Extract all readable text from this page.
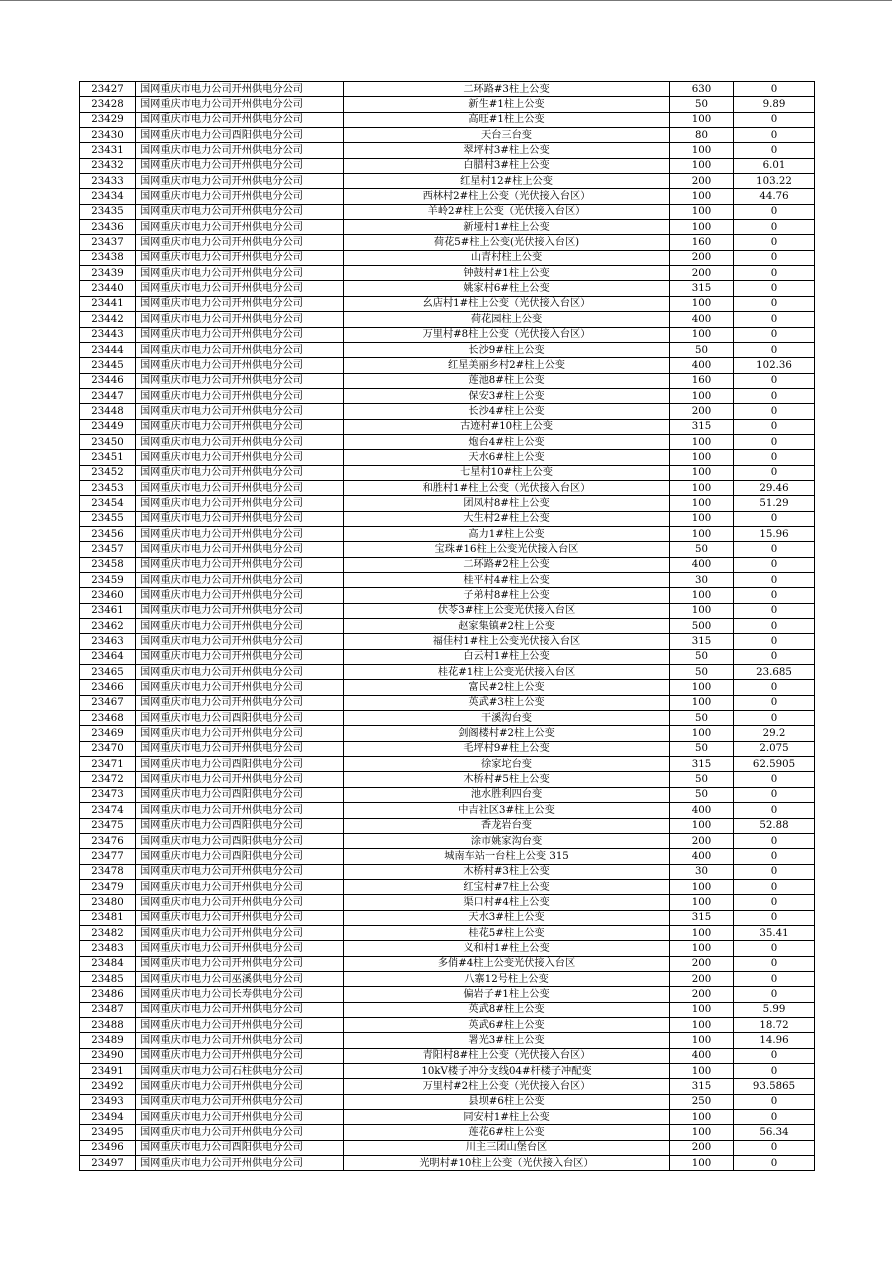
23427	国网重庆市电力公司开州供电分公司	二环路#3柱上公变	630	0
23428	国网重庆市电力公司开州供电分公司	新生#1柱上公变	50	9.89
23429	国网重庆市电力公司开州供电分公司	高旺#1柱上公变	100	0
23430	国网重庆市电力公司酉阳供电分公司	天台三台变	80	0
23431	国网重庆市电力公司开州供电分公司	翠坪村3#柱上公变	100	0
23432	国网重庆市电力公司开州供电分公司	白腊村3#柱上公变	100	6.01
23433	国网重庆市电力公司开州供电分公司	红星村12#柱上公变	200	103.22
23434	国网重庆市电力公司开州供电分公司	西林村2#柱上公变（光伏接入台区）	100	44.76
23435	国网重庆市电力公司开州供电分公司	羊岭2#柱上公变（光伏接入台区）	100	0
23436	国网重庆市电力公司开州供电分公司	新垭村1#柱上公变	100	0
23437	国网重庆市电力公司开州供电分公司	荷花5#柱上公变(光伏接入台区)	160	0
23438	国网重庆市电力公司开州供电分公司	山青村柱上公变	200	0
23439	国网重庆市电力公司开州供电分公司	钟鼓村#1柱上公变	200	0
23440	国网重庆市电力公司开州供电分公司	姚家村6#柱上公变	315	0
23441	国网重庆市电力公司开州供电分公司	幺店村1#柱上公变（光伏接入台区）	100	0
23442	国网重庆市电力公司开州供电分公司	荷花园柱上公变	400	0
23443	国网重庆市电力公司开州供电分公司	万里村#8柱上公变（光伏接入台区）	100	0
23444	国网重庆市电力公司开州供电分公司	长沙9#柱上公变	50	0
23445	国网重庆市电力公司开州供电分公司	红星美丽乡村2#柱上公变	400	102.36
23446	国网重庆市电力公司开州供电分公司	莲池8#柱上公变	160	0
23447	国网重庆市电力公司开州供电分公司	保安3#柱上公变	100	0
23448	国网重庆市电力公司开州供电分公司	长沙4#柱上公变	200	0
23449	国网重庆市电力公司开州供电分公司	古迹村#10柱上公变	315	0
23450	国网重庆市电力公司开州供电分公司	炮台4#柱上公变	100	0
23451	国网重庆市电力公司开州供电分公司	天水6#柱上公变	100	0
23452	国网重庆市电力公司开州供电分公司	七星村10#柱上公变	100	0
23453	国网重庆市电力公司开州供电分公司	和胜村1#柱上公变（光伏接入台区）	100	29.46
23454	国网重庆市电力公司开州供电分公司	团凤村8#柱上公变	100	51.29
23455	国网重庆市电力公司开州供电分公司	大生村2#柱上公变	100	0
23456	国网重庆市电力公司开州供电分公司	高力1#柱上公变	100	15.96
23457	国网重庆市电力公司开州供电分公司	宝珠#16柱上公变光伏接入台区	50	0
23458	国网重庆市电力公司开州供电分公司	二环路#2柱上公变	400	0
23459	国网重庆市电力公司开州供电分公司	桂平村4#柱上公变	30	0
23460	国网重庆市电力公司开州供电分公司	子弟村8#柱上公变	100	0
23461	国网重庆市电力公司开州供电分公司	伏苓3#柱上公变光伏接入台区	100	0
23462	国网重庆市电力公司开州供电分公司	赵家集镇#2柱上公变	500	0
23463	国网重庆市电力公司开州供电分公司	福佳村1#柱上公变光伏接入台区	315	0
23464	国网重庆市电力公司开州供电分公司	白云村1#柱上公变	50	0
23465	国网重庆市电力公司开州供电分公司	桂花#1柱上公变光伏接入台区	50	23.685
23466	国网重庆市电力公司开州供电分公司	富民#2柱上公变	100	0
23467	国网重庆市电力公司开州供电分公司	英武#3柱上公变	100	0
23468	国网重庆市电力公司酉阳供电分公司	干溪沟台变	50	0
23469	国网重庆市电力公司开州供电分公司	剑阁楼村#2柱上公变	100	29.2
23470	国网重庆市电力公司开州供电分公司	毛坪村9#柱上公变	50	2.075
23471	国网重庆市电力公司酉阳供电分公司	徐家坨台变	315	62.5905
23472	国网重庆市电力公司开州供电分公司	木桥村#5柱上公变	50	0
23473	国网重庆市电力公司酉阳供电分公司	池水胜利四台变	50	0
23474	国网重庆市电力公司开州供电分公司	中吉社区3#柱上公变	400	0
23475	国网重庆市电力公司酉阳供电分公司	香龙岩台变	100	52.88
23476	国网重庆市电力公司酉阳供电分公司	涂市姚家沟台变	200	0
23477	国网重庆市电力公司酉阳供电分公司	城南车站一台柱上公变 315	400	0
23478	国网重庆市电力公司开州供电分公司	木桥村#3柱上公变	30	0
23479	国网重庆市电力公司开州供电分公司	红宝村#7柱上公变	100	0
23480	国网重庆市电力公司开州供电分公司	渠口村#4柱上公变	100	0
23481	国网重庆市电力公司开州供电分公司	天水3#柱上公变	315	0
23482	国网重庆市电力公司开州供电分公司	桂花5#柱上公变	100	35.41
23483	国网重庆市电力公司开州供电分公司	义和村1#柱上公变	100	0
23484	国网重庆市电力公司开州供电分公司	多俏#4柱上公变光伏接入台区	200	0
23485	国网重庆市电力公司巫溪供电分公司	八寨12号柱上公变	200	0
23486	国网重庆市电力公司长寿供电分公司	偏岩子#1柱上公变	200	0
23487	国网重庆市电力公司开州供电分公司	英武8#柱上公变	100	5.99
23488	国网重庆市电力公司开州供电分公司	英武6#柱上公变	100	18.72
23489	国网重庆市电力公司开州供电分公司	署光3#柱上公变	100	14.96
23490	国网重庆市电力公司开州供电分公司	青阳村8#柱上公变（光伏接入台区）	400	0
23491	国网重庆市电力公司石柱供电分公司	10kV楼子冲分支线04#杆楼子冲配变	100	0
23492	国网重庆市电力公司开州供电分公司	万里村#2柱上公变（光伏接入台区）	315	93.5865
23493	国网重庆市电力公司开州供电分公司	县坝#6柱上公变	250	0
23494	国网重庆市电力公司开州供电分公司	同安村1#柱上公变	100	0
23495	国网重庆市电力公司开州供电分公司	莲花6#柱上公变	100	56.34
23496	国网重庆市电力公司酉阳供电分公司	川主三团山堡台区	200	0
23497	国网重庆市电力公司开州供电分公司	光明村#10柱上公变（光伏接入台区）	100	0
